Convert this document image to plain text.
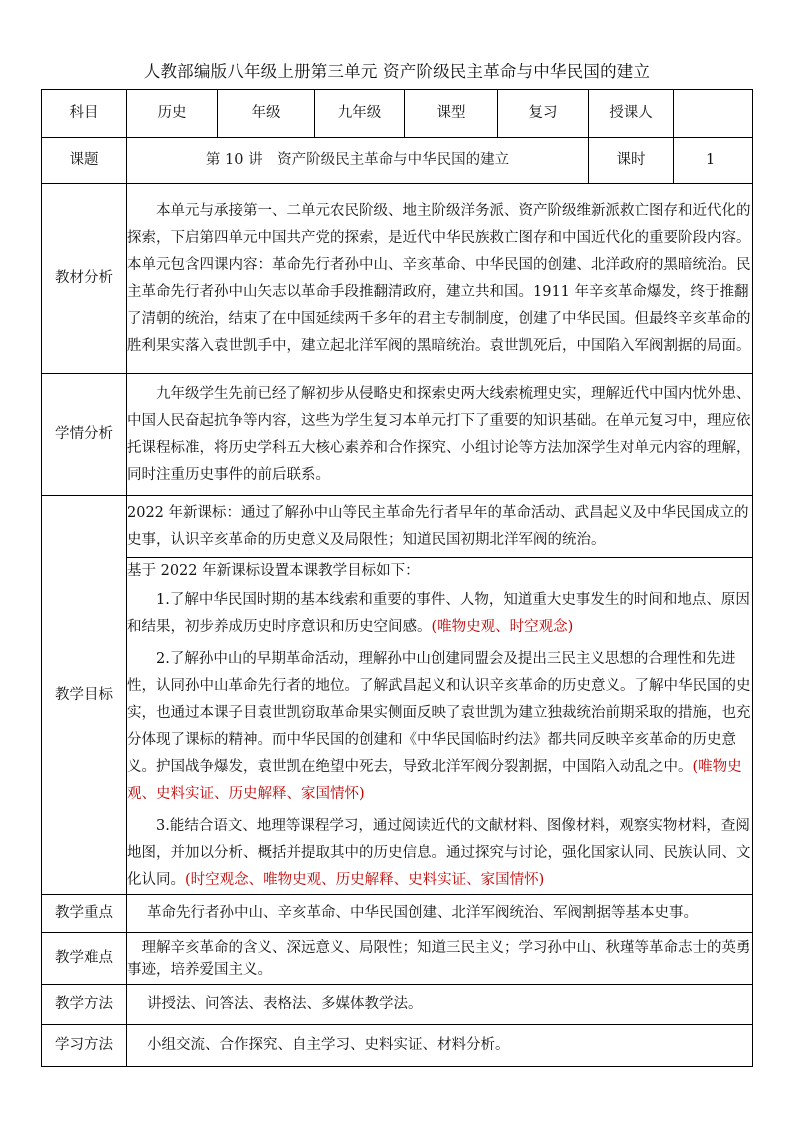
人教部编版八年级上册第三单元 资产阶级民主革命与中华民国的建立
科目	历史	年级	九年级	课型	复习	授课人	
课题	第 10 讲　资产阶级民主革命与中华民国的建立					课时	1
教材分析	本单元与承接第一、二单元农民阶级、地主阶级洋务派、资产阶级维新派救亡图存和近代化的探索，下启第四单元中国共产党的探索，是近代中华民族救亡图存和中国近代化的重要阶段内容。本单元包含四课内容：革命先行者孙中山、辛亥革命、中华民国的创建、北洋政府的黑暗统治。民主革命先行者孙中山矢志以革命手段推翻清政府，建立共和国。1911 年辛亥革命爆发，终于推翻了清朝的统治，结束了在中国延续两千多年的君主专制制度，创建了中华民国。但最终辛亥革命的胜利果实落入袁世凯手中，建立起北洋军阀的黑暗统治。袁世凯死后，中国陷入军阀割据的局面。						

学情分析	九年级学生先前已经了解初步从侵略史和探索史两大线索梳理史实，理解近代中国内忧外患、中国人民奋起抗争等内容，这些为学生复习本单元打下了重要的知识基础。在单元复习中，理应依托课程标准，将历史学科五大核心素养和合作探究、小组讨论等方法加深学生对单元内容的理解，同时注重历史事件的前后联系。						

教学目标	2022 年新课标：通过了解孙中山等民主革命先行者早年的革命活动、武昌起义及中华民国成立的史事，认识辛亥革命的历史意义及局限性；知道民国初期北洋军阀的统治。						

	基于 2022 年新课标设置本课教学目标如下：

1.了解中华民国时期的基本线索和重要的事件、人物，知道重大史事发生的时间和地点、原因和结果，初步养成历史时序意识和历史空间感。(唯物史观、时空观念)

2.了解孙中山的早期革命活动，理解孙中山创建同盟会及提出三民主义思想的合理性和先进性，认同孙中山革命先行者的地位。了解武昌起义和认识辛亥革命的历史意义。了解中华民国的史实，也通过本课子目袁世凯窃取革命果实侧面反映了袁世凯为建立独裁统治前期采取的措施，也充分体现了课标的精神。而中华民国的创建和《中华民国临时约法》都共同反映辛亥革命的历史意义。护国战争爆发，袁世凯在绝望中死去，导致北洋军阀分裂割据，中国陷入动乱之中。(唯物史观、史料实证、历史解释、家国情怀)

3.能结合语文、地理等课程学习，通过阅读近代的文献材料、图像材料，观察实物材料，查阅地图，并加以分析、概括并提取其中的历史信息。通过探究与讨论，强化国家认同、民族认同、文化认同。(时空观念、唯物史观、历史解释、史料实证、家国情怀)						

教学重点	革命先行者孙中山、辛亥革命、中华民国创建、北洋军阀统治、军阀割据等基本史事。						
教学难点	理解辛亥革命的含义、深远意义、局限性；知道三民主义；学习孙中山、秋瑾等革命志士的英勇事迹，培养爱国主义。						

教学方法	讲授法、问答法、表格法、多媒体教学法。						
学习方法	小组交流、合作探究、自主学习、史料实证、材料分析。						
